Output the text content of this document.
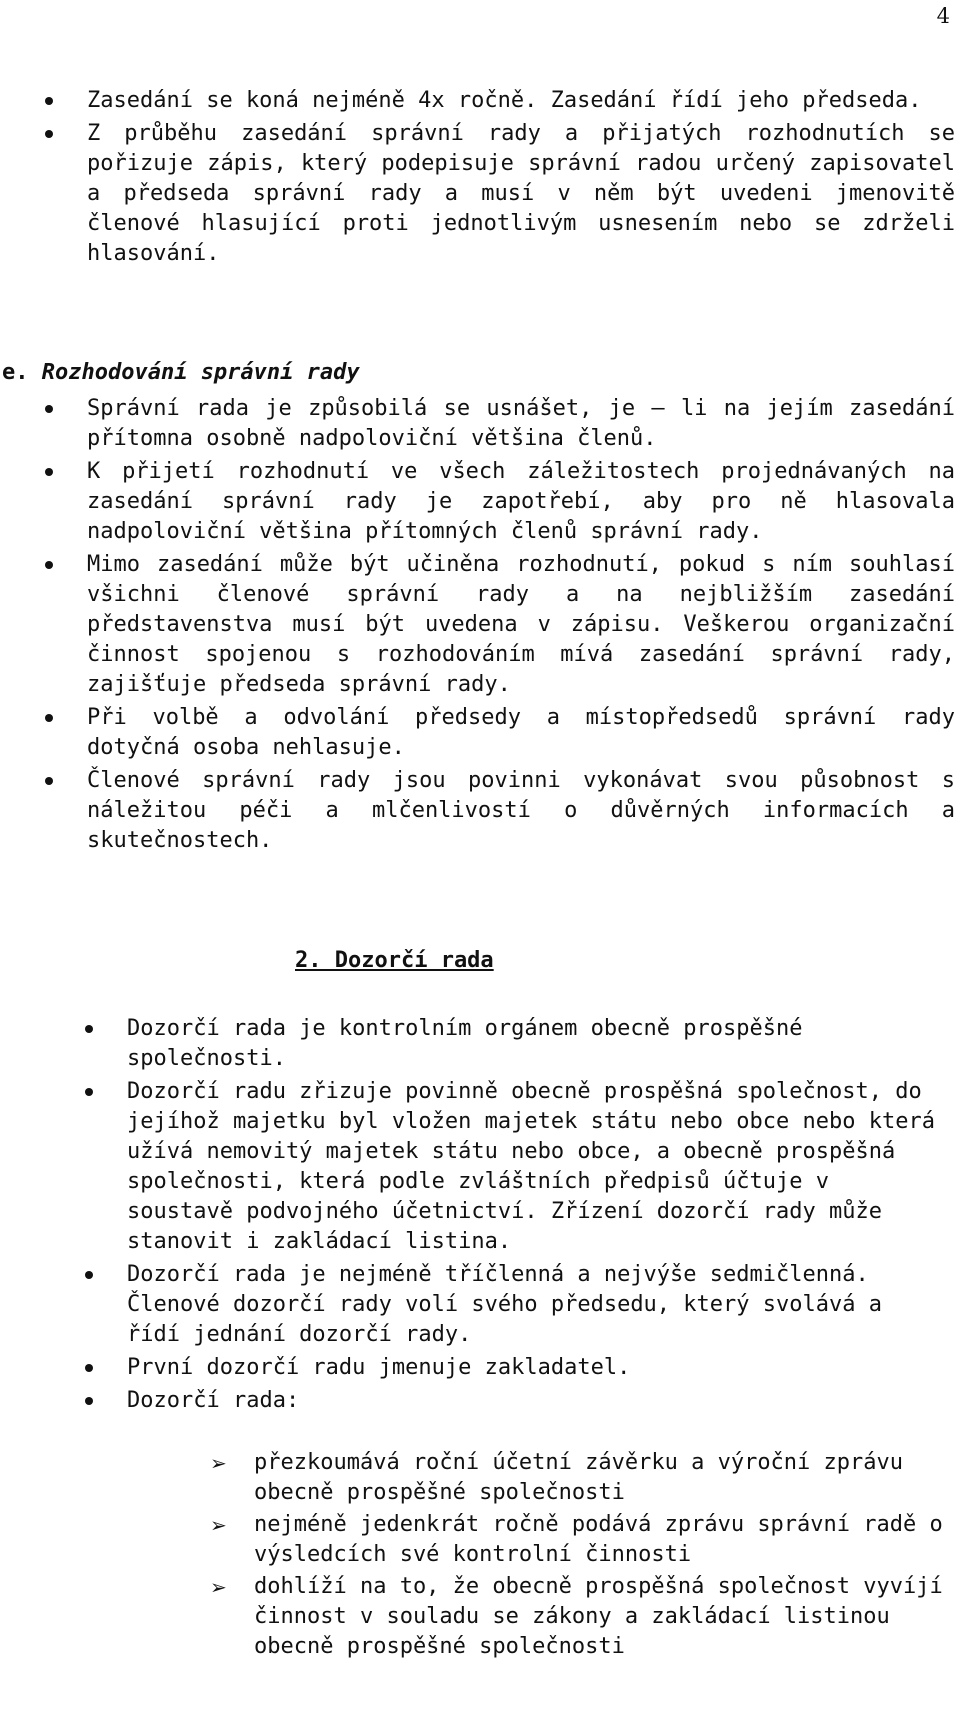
4
Zasedání se koná nejméně 4x ročně. Zasedání řídí jeho předseda.
Z průběhu zasedání správní rady a přijatých rozhodnutích se pořizuje zápis, který podepisuje správní radou určený zapisovatel a předseda správní rady a musí v něm být uvedeni jmenovitě členové hlasující proti jednotlivým usnesením nebo se zdrželi hlasování.
e. Rozhodování správní rady
Správní rada je způsobilá se usnášet, je – li na jejím zasedání přítomna osobně nadpoloviční většina členů.
K přijetí rozhodnutí ve všech záležitostech projednávaných na zasedání správní rady je zapotřebí, aby pro ně hlasovala nadpoloviční většina přítomných členů správní rady.
Mimo zasedání může být učiněna rozhodnutí, pokud s ním souhlasí všichni členové správní rady a na nejbližším zasedání představenstva musí být uvedena v zápisu. Veškerou organizační činnost spojenou s rozhodováním mívá zasedání správní rady, zajišťuje předseda správní rady.
Při volbě a odvolání předsedy a místopředsedů správní rady dotyčná osoba nehlasuje.
Členové správní rady jsou povinni vykonávat svou působnost s náležitou péči a mlčenlivostí o důvěrných informacích a skutečnostech.
2. Dozorčí rada
Dozorčí rada je kontrolním orgánem obecně prospěšné společnosti.
Dozorčí radu zřizuje povinně obecně prospěšná společnost, do jejíhož majetku byl vložen majetek státu nebo obce nebo která užívá nemovitý majetek státu nebo obce, a obecně prospěšná společnosti, která podle zvláštních předpisů účtuje v soustavě podvojného účetnictví. Zřízení dozorčí rady může stanovit i zakládací listina.
Dozorčí rada je nejméně tříčlenná a nejvýše sedmičlenná. Členové dozorčí rady volí svého předsedu, který svolává a řídí jednání dozorčí rady.
První dozorčí radu jmenuje zakladatel.
Dozorčí rada:
➢ přezkoumává roční účetní závěrku a výroční zprávu obecně prospěšné společnosti
➢ nejméně jedenkrát ročně podává zprávu správní radě o výsledcích své kontrolní činnosti
➢ dohlíží na to, že obecně prospěšná společnost vyvíjí činnost v souladu se zákony a zakládací listinou obecně prospěšné společnosti
